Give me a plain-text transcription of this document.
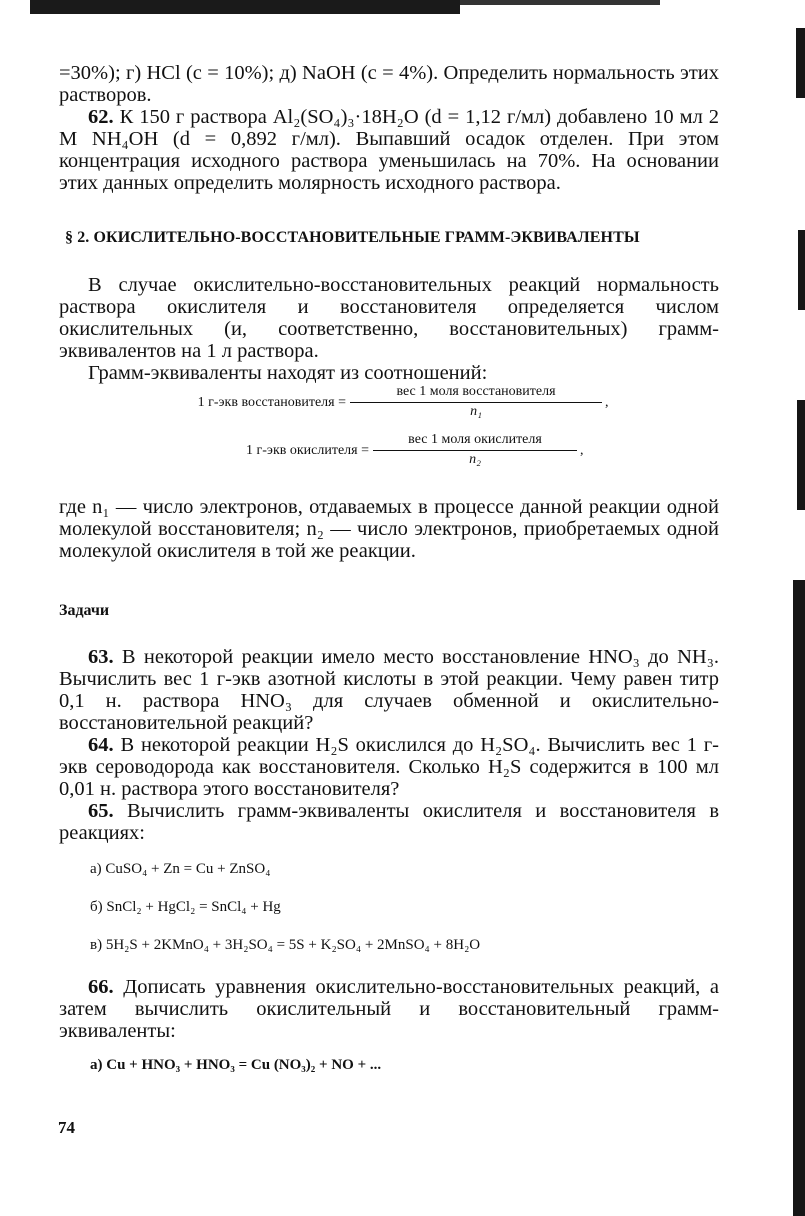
=30%); г) HCl (c = 10%); д) NaOH (c = 4%). Определить нормальность этих растворов.

62. К 150 г раствора Al₂(SO₄)₃·18H₂O (d = 1,12 г/мл) добавлено 10 мл 2 М NH₄OH (d = 0,892 г/мл). Выпавший осадок отделен. При этом концентрация исходного раствора уменьшилась на 70%. На основании этих данных определить молярность исходного раствора.

§ 2. ОКИСЛИТЕЛЬНО-ВОССТАНОВИТЕЛЬНЫЕ ГРАММ-ЭКВИВАЛЕНТЫ

В случае окислительно-восстановительных реакций нормальность раствора окислителя и восстановителя определяется числом окислительных (и, соответственно, восстановительных) грамм-эквивалентов на 1 л раствора.

Грамм-эквиваленты находят из соотношений:

1 г-экв восстановителя =
вес 1 моля восстановителя
n₁
,
1 г-экв окислителя =
вес 1 моля окислителя
n₂
,

где n₁ — число электронов, отдаваемых в процессе данной реакции одной молекулой восстановителя; n₂ — число электронов, приобретаемых одной молекулой окислителя в той же реакции.

Задачи

63. В некоторой реакции имело место восстановление HNO₃ до NH₃. Вычислить вес 1 г-экв азотной кислоты в этой реакции. Чему равен титр 0,1 н. раствора HNO₃ для случаев обменной и окислительно-восстановительной реакций?

64. В некоторой реакции H₂S окислился до H₂SO₄. Вычислить вес 1 г-экв сероводорода как восстановителя. Сколько H₂S содержится в 100 мл 0,01 н. раствора этого восстановителя?

65. Вычислить грамм-эквиваленты окислителя и восстановителя в реакциях:

а) CuSO₄ + Zn = Cu + ZnSO₄

б) SnCl₂ + HgCl₂ = SnCl₄ + Hg

в) 5H₂S + 2KMnO₄ + 3H₂SO₄ = 5S + K₂SO₄ + 2MnSO₄ + 8H₂O

66. Дописать уравнения окислительно-восстановительных реакций, а затем вычислить окислительный и восстановительный грамм-эквиваленты:

а) Cu + HNO₃ + HNO₃ = Cu (NO₃)₂ + NO + ...

74
